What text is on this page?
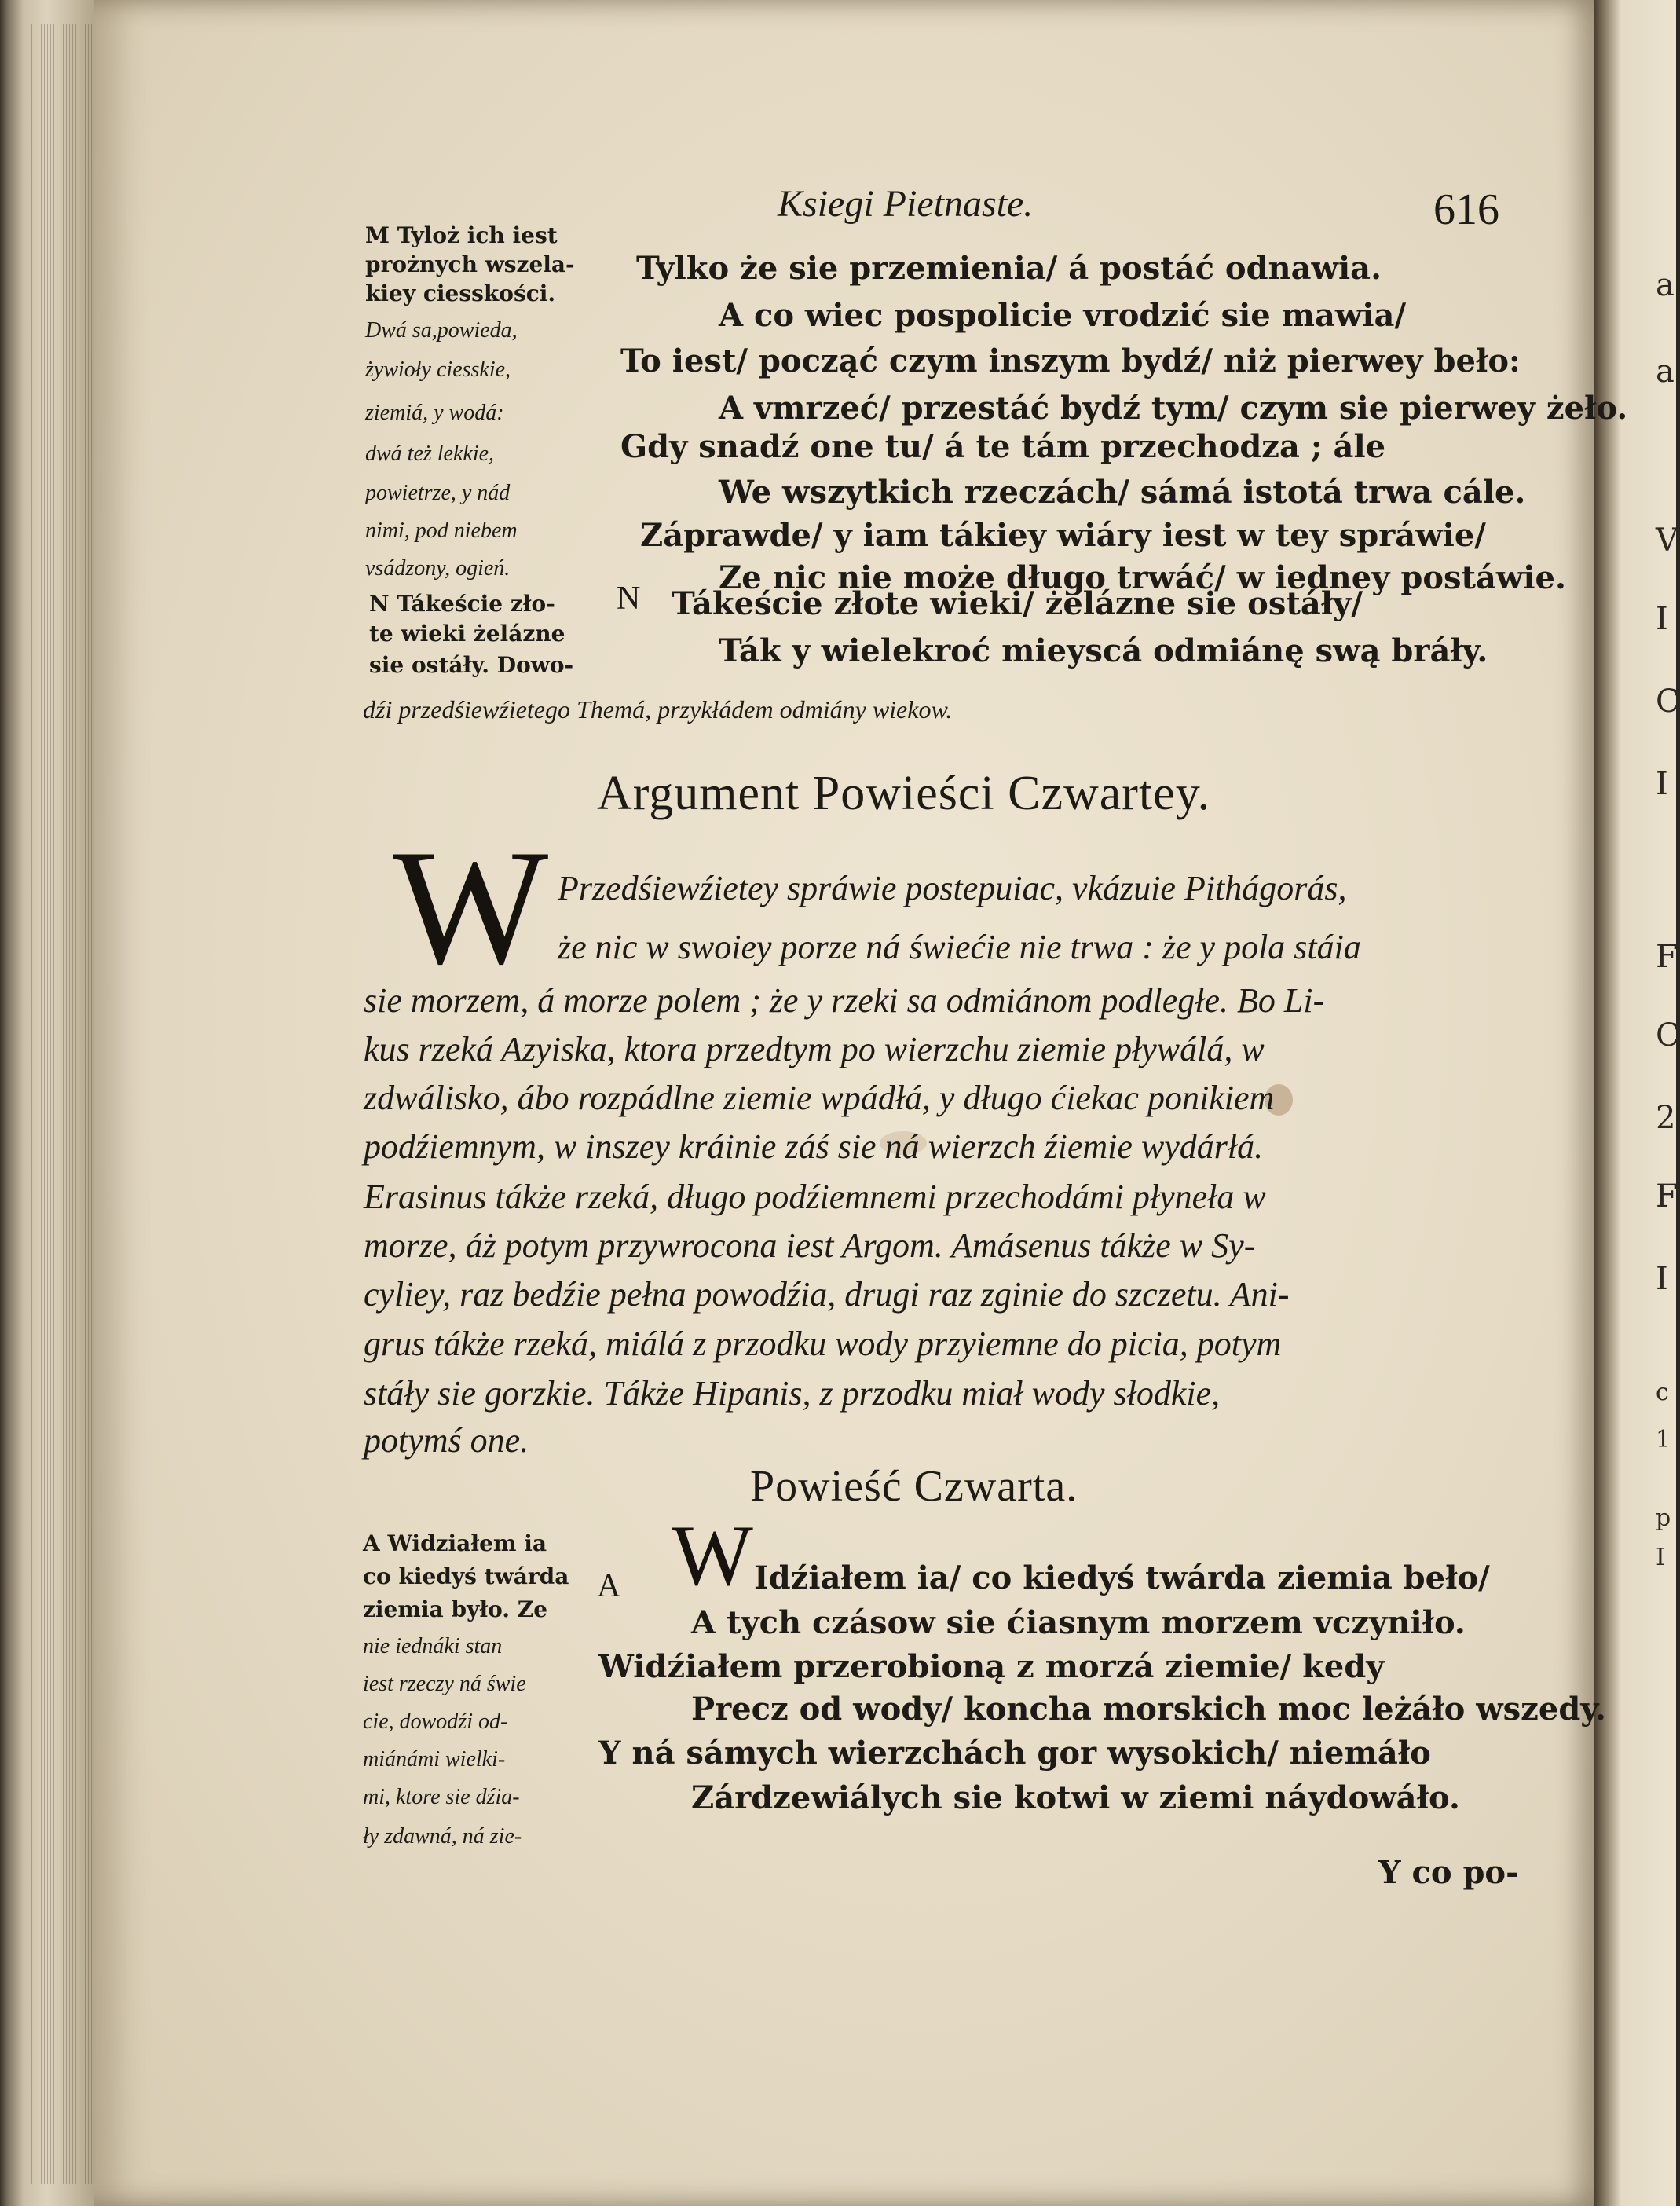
a
a
V
I
C
I
F
C
2
F
I
c
1
p
I
Ksiegi Pietnaste.	616
M Tyloż ich iest
prożnych wszela-
kiey ciesskości.
Dwá sa,powieda,
żywioły ciesskie,
ziemiá, y wodá:
dwá też lekkie,
powietrze, y nád
nimi, pod niebem
vsádzony, ogień.
N Tákeście zło-
te wieki żelázne
sie ostáły. Dowo-
Tylko że sie przemienia/ á postáć odnawia.
A co wiec pospolicie vrodzić sie mawia/
To iest/ począć czym inszym bydź/ niż pierwey beło:
A vmrzeć/ przestáć bydź tym/ czym sie pierwey żeło.
Gdy snadź one tu/ á te tám przechodza ; ále
We wszytkich rzeczách/ sámá istotá trwa cále.
Záprawde/ y iam tákiey wiáry iest w tey spráwie/
Ze nic nie może długo trwáć/ w iedney postáwie.
N Tákeście złote wieki/ żelázne sie ostáły/
Ták y wielekroć mieyscá odmiánę swą bráły.
dźi przedśiewźietego Themá, przykłádem odmiány wiekow.
Argument Powieści Czwartey.
W Przedśiewźietey spráwie postepuiac, vkázuie Pithágorás,
że nic w swoiey porze ná świećie nie trwa : że y pola stáia
sie morzem, á morze polem ; że y rzeki sa odmiánom podległe. Bo Li-
kus rzeká Azyiska, ktora przedtym po wierzchu ziemie pływálá, w
zdwálisko, ábo rozpádlne ziemie wpádłá, y długo ćiekac ponikiem
podźiemnym, w inszey kráinie záś sie ná wierzch źiemie wydárłá.
Erasinus tákże rzeká, długo podźiemnemi przechodámi płyneła w
morze, áż potym przywrocona iest Argom. Amásenus tákże w Sy-
cyliey, raz bedźie pełna powodźia, drugi raz zginie do szczetu. Ani-
grus tákże rzeká, miálá z przodku wody przyiemne do picia, potym
stáły sie gorzkie. Tákże Hipanis, z przodku miał wody słodkie,
potymś one.
Powieść Czwarta.
A Widziałem ia
co kiedyś twárda
ziemia było. Ze
nie iednáki stan
iest rzeczy ná świe
cie, dowodźi od-
miánámi wielki-
mi, ktore sie dźia-
ły zdawná, ná zie-
A W Idźiałem ia/ co kiedyś twárda ziemia beło/
A tych czásow sie ćiasnym morzem vczyniło.
Widźiałem przerobioną z morzá ziemie/ kedy
Precz od wody/ koncha morskich moc leżáło wszedy.
Y ná sámych wierzchách gor wysokich/ niemáło
Zárdzewiálych sie kotwi w ziemi náydowáło.
Y co po-
